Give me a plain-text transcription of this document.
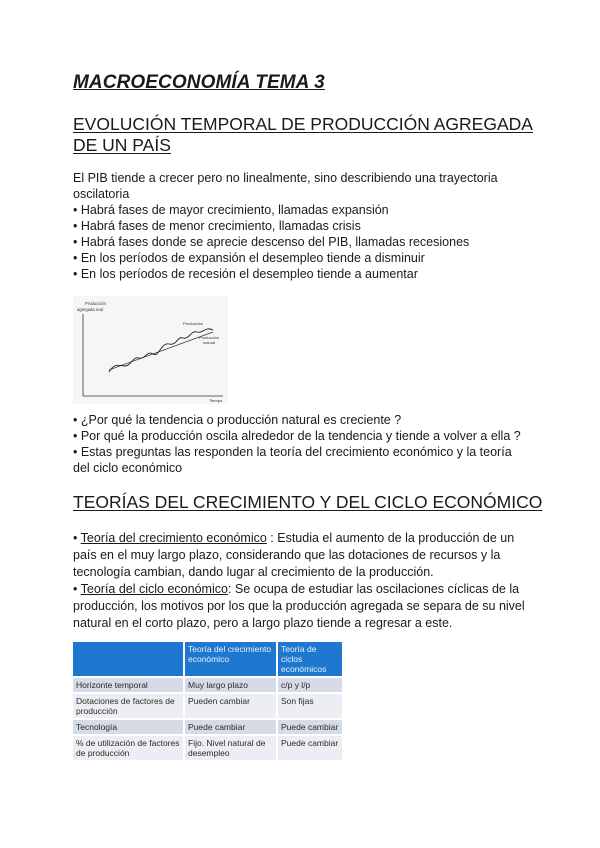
MACROECONOMÍA TEMA 3
EVOLUCIÓN TEMPORAL DE PRODUCCIÓN AGREGADA DE UN PAÍS

El PIB tiende a crecer pero no linealmente, sino describiendo una trayectoria oscilatoria

• Habrá fases de mayor crecimiento, llamadas expansión

• Habrá fases de menor crecimiento, llamadas crisis

• Habrá fases donde se aprecie descenso del PIB, llamadas recesiones

• En los períodos de expansión el desempleo tiende a disminuir

• En los períodos de recesión el desempleo tiende a aumentar

Producción
agregada real
Producción
Producción
natural
Tiempo

• ¿Por qué la tendencia o producción natural es creciente ?

• Por qué la producción oscila alrededor de la tendencia y tiende a volver a ella ?

• Estas preguntas las responden la teoría del crecimiento económico y la teoría del ciclo económico

TEORÍAS DEL CRECIMIENTO Y DEL CICLO ECONÓMICO

• Teoría del crecimiento económico : Estudia el aumento de la producción de un país en el muy largo plazo, considerando que las dotaciones de recursos y la tecnología cambian, dando lugar al crecimiento de la producción.

• Teoría del ciclo económico: Se ocupa de estudiar las oscilaciones cíclicas de la producción, los motivos por los que la producción agregada se separa de su nivel natural en el corto plazo, pero a largo plazo tiende a regresar a este.

	Teoría del crecimiento económico	Teoría de ciclos económicos
Horizonte temporal	Muy largo plazo	c/p y l/p
Dotaciones de factores de producción	Pueden cambiar	Son fijas
Tecnología	Puede cambiar	Puede cambiar
% de utilización de factores de producción	Fijo. Nivel natural de desempleo	Puede cambiar
